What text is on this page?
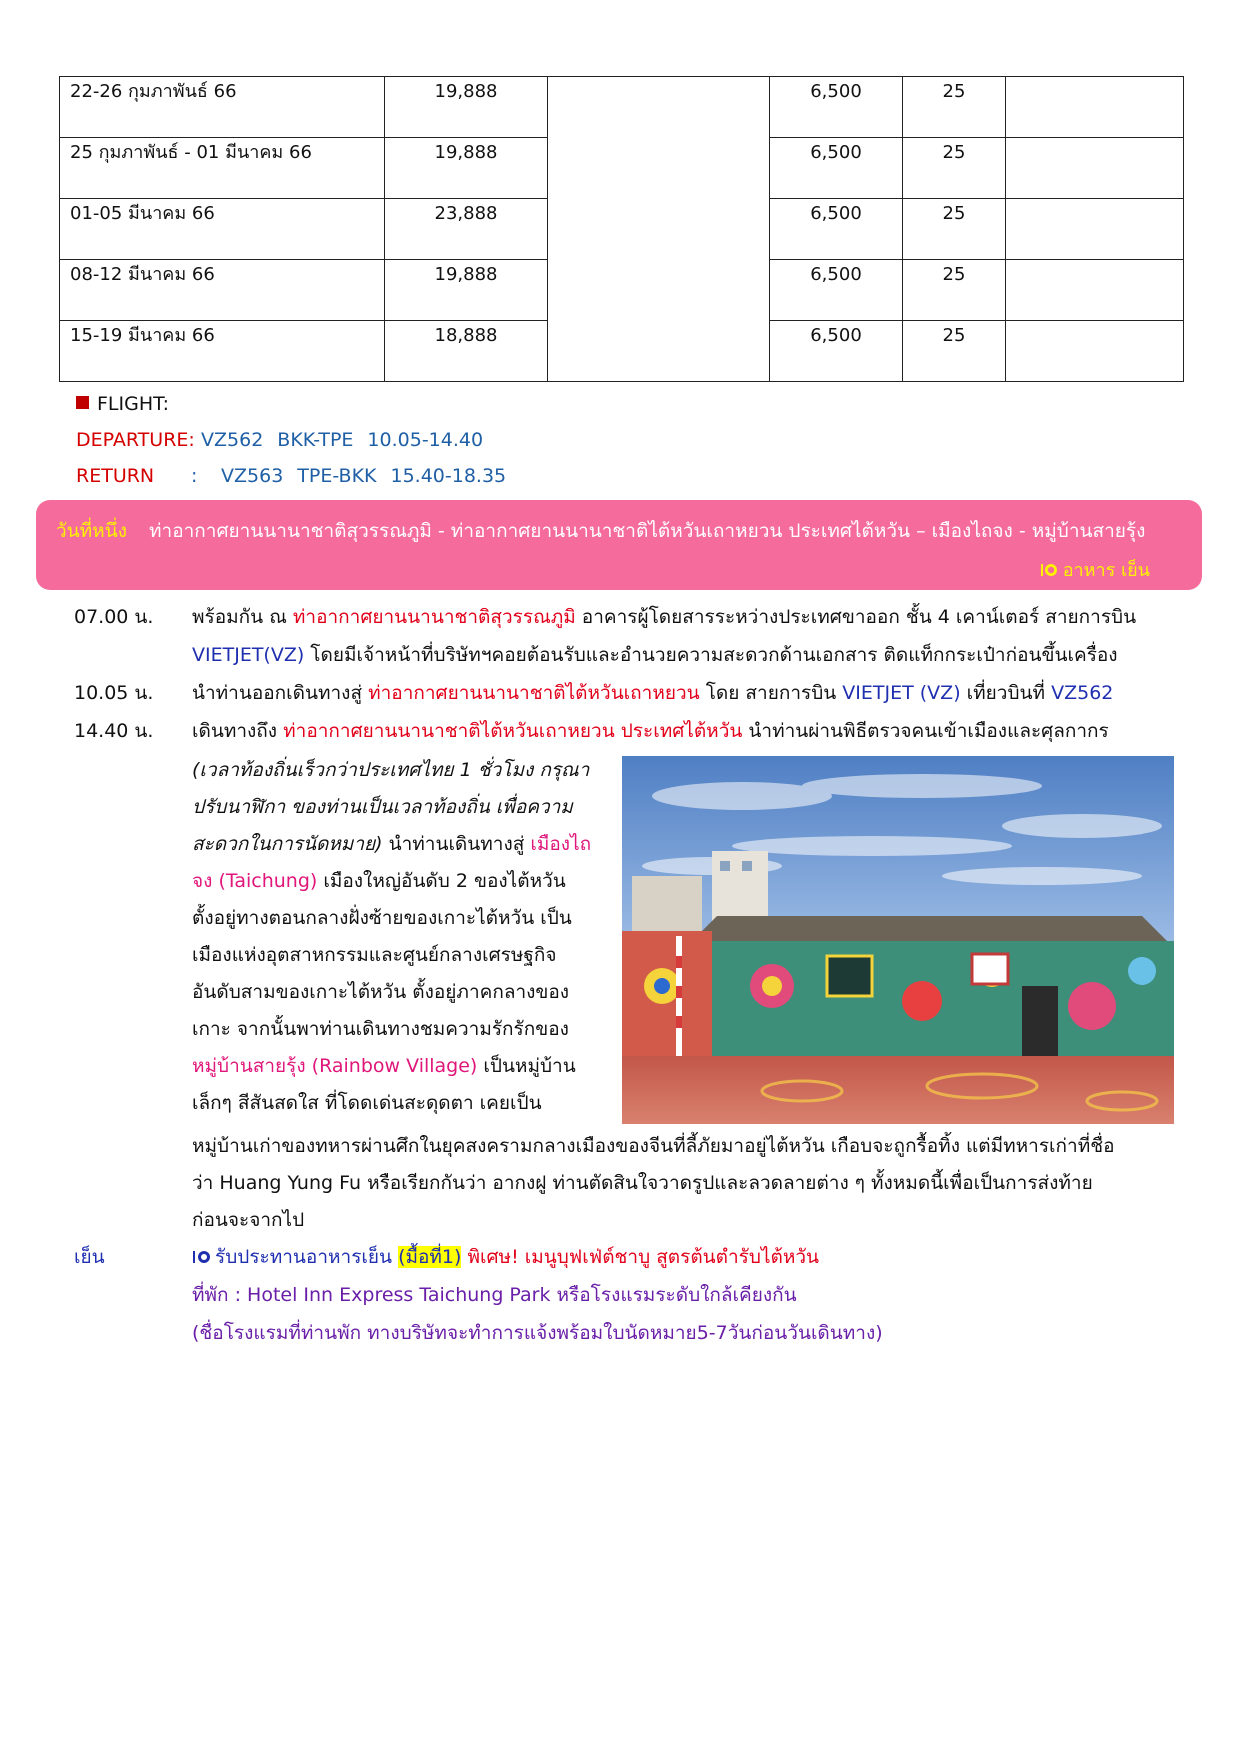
22-26 กุมภาพันธ์ 66	19,888		6,500	25	
25 กุมภาพันธ์ - 01 มีนาคม 66	19,888		6,500	25	
01-05 มีนาคม 66	23,888		6,500	25	
08-12 มีนาคม 66	19,888		6,500	25	
15-19 มีนาคม 66	18,888		6,500	25	
FLIGHT:
DEPARTURE: VZ562 BKK-TPE 10.05-14.40
RETURN : VZ563 TPE-BKK 15.40-18.35
วันที่หนึ่ง ท่าอากาศยานนานาชาติสุวรรณภูมิ - ท่าอากาศยานนานาชาติไต้หวันเถาหยวน ประเทศไต้หวัน – เมืองไถจง - หมู่บ้านสายรุ้ง
อาหาร เย็น
07.00 น.	พร้อมกัน ณ ท่าอากาศยานนานาชาติสุวรรณภูมิ อาคารผู้โดยสารระหว่างประเทศขาออก ชั้น 4 เคาน์เตอร์ สายการบิน
VIETJET(VZ) โดยมีเจ้าหน้าที่บริษัทฯคอยต้อนรับและอำนวยความสะดวกด้านเอกสาร ติดแท็กกระเป๋าก่อนขึ้นเครื่อง
10.05 น.	นำท่านออกเดินทางสู่ ท่าอากาศยานนานาชาติไต้หวันเถาหยวน โดย สายการบิน VIETJET (VZ) เที่ยวบินที่ VZ562
14.40 น.	เดินทางถึง ท่าอากาศยานนานาชาติไต้หวันเถาหยวน ประเทศไต้หวัน นำท่านผ่านพิธีตรวจคนเข้าเมืองและศุลกากร
(เวลาท้องถิ่นเร็วกว่าประเทศไทย 1 ชั่วโมง กรุณา
ปรับนาฬิกา ของท่านเป็นเวลาท้องถิ่น เพื่อความ
สะดวกในการนัดหมาย) นำท่านเดินทางสู่ เมืองไถ
จง (Taichung) เมืองใหญ่อันดับ 2 ของไต้หวัน
ตั้งอยู่ทางตอนกลางฝั่งซ้ายของเกาะไต้หวัน เป็น
เมืองแห่งอุตสาหกรรมและศูนย์กลางเศรษฐกิจ
อันดับสามของเกาะไต้หวัน ตั้งอยู่ภาคกลางของ
เกาะ จากนั้นพาท่านเดินทางชมความรักรักของ
หมู่บ้านสายรุ้ง (Rainbow Village) เป็นหมู่บ้าน
เล็กๆ สีสันสดใส ที่โดดเด่นสะดุดตา เคยเป็น
หมู่บ้านเก่าของทหารผ่านศึกในยุคสงครามกลางเมืองของจีนที่ลี้ภัยมาอยู่ไต้หวัน เกือบจะถูกรื้อทิ้ง แต่มีทหารเก่าที่ชื่อ
ว่า Huang Yung Fu หรือเรียกกันว่า อากงฝู ท่านตัดสินใจวาดรูปและลวดลายต่าง ๆ ทั้งหมดนี้เพื่อเป็นการส่งท้าย
ก่อนจะจากไป
เย็น	รับประทานอาหารเย็น (มื้อที่1) พิเศษ! เมนูบุฟเฟ่ต์ชาบู สูตรต้นตำรับไต้หวัน
ที่พัก : Hotel Inn Express Taichung Park หรือโรงแรมระดับใกล้เคียงกัน
(ชื่อโรงแรมที่ท่านพัก ทางบริษัทจะทำการแจ้งพร้อมใบนัดหมาย5-7วันก่อนวันเดินทาง)
